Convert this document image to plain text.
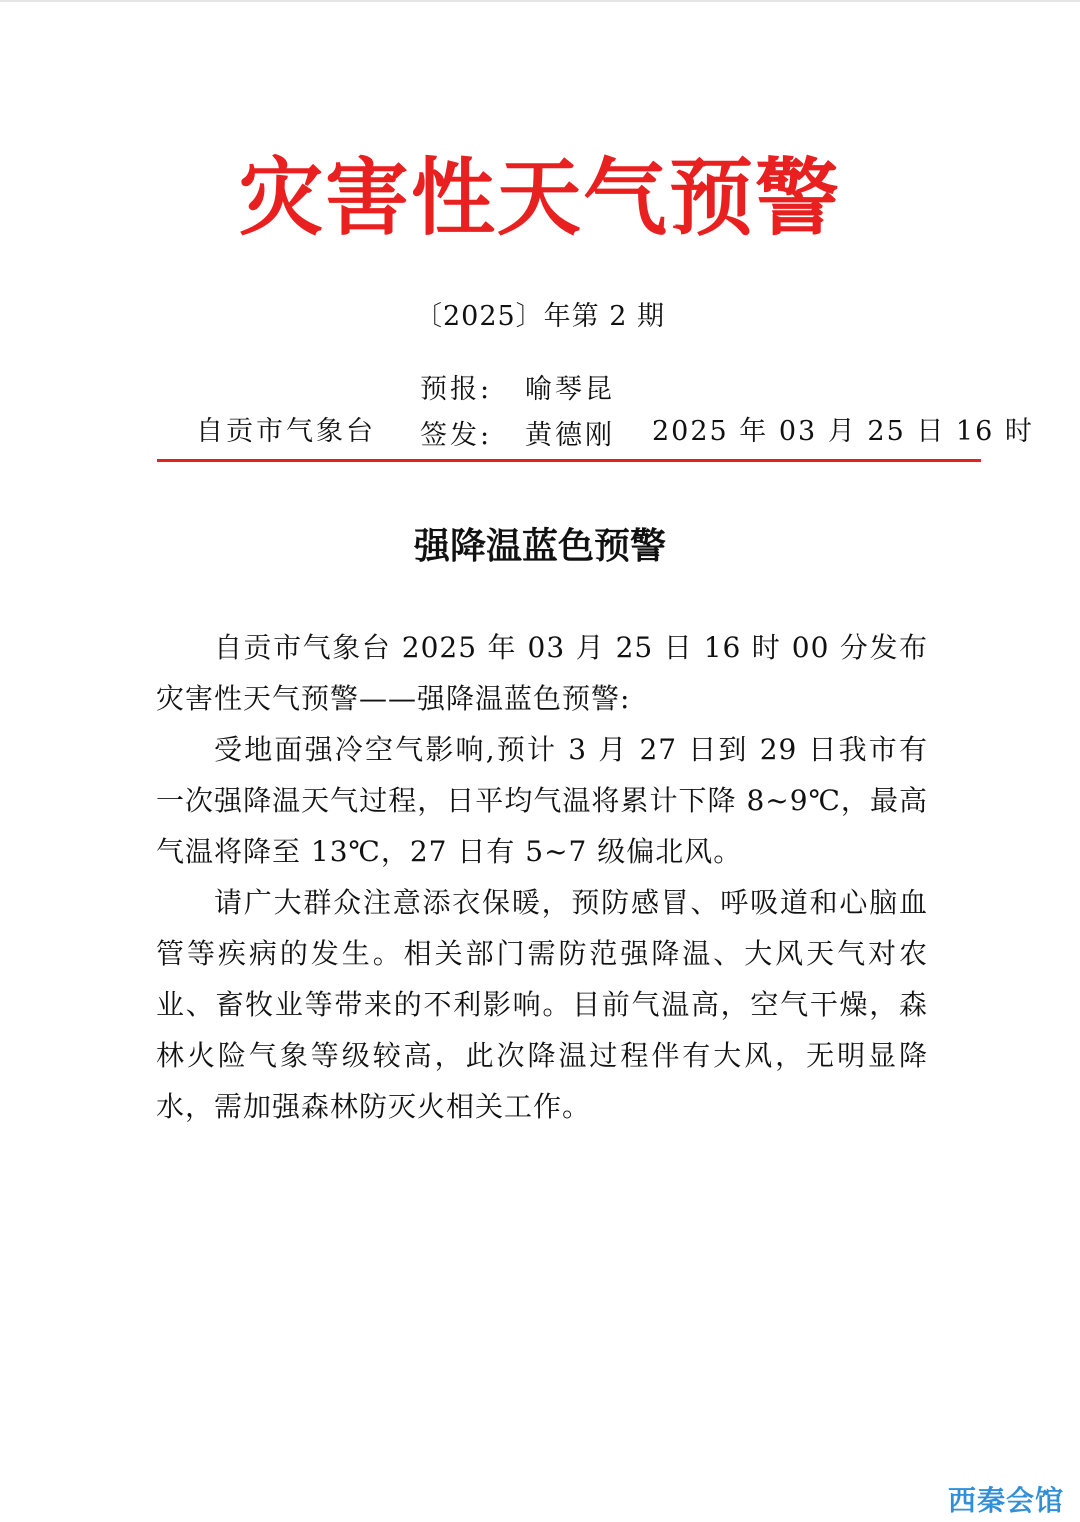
灾害性天气预警
〔2025〕年第 2 期
预报: 喻琴昆
自贡市气象台 签发: 黄德刚 2025 年 03 月 25 日 16 时
强降温蓝色预警

自贡市气象台 2025 年 03 月 25 日 16 时 00 分发布灾害性天气预警——强降温蓝色预警:

受地面强冷空气影响,预计 3 月 27 日到 29 日我市有一次强降温天气过程，日平均气温将累计下降 8~9℃，最高气温将降至 13℃，27 日有 5~7 级偏北风。

请广大群众注意添衣保暖，预防感冒、呼吸道和心脑血管等疾病的发生。相关部门需防范强降温、大风天气对农业、畜牧业等带来的不利影响。目前气温高，空气干燥，森林火险气象等级较高，此次降温过程伴有大风，无明显降水，需加强森林防灭火相关工作。

西秦会馆
